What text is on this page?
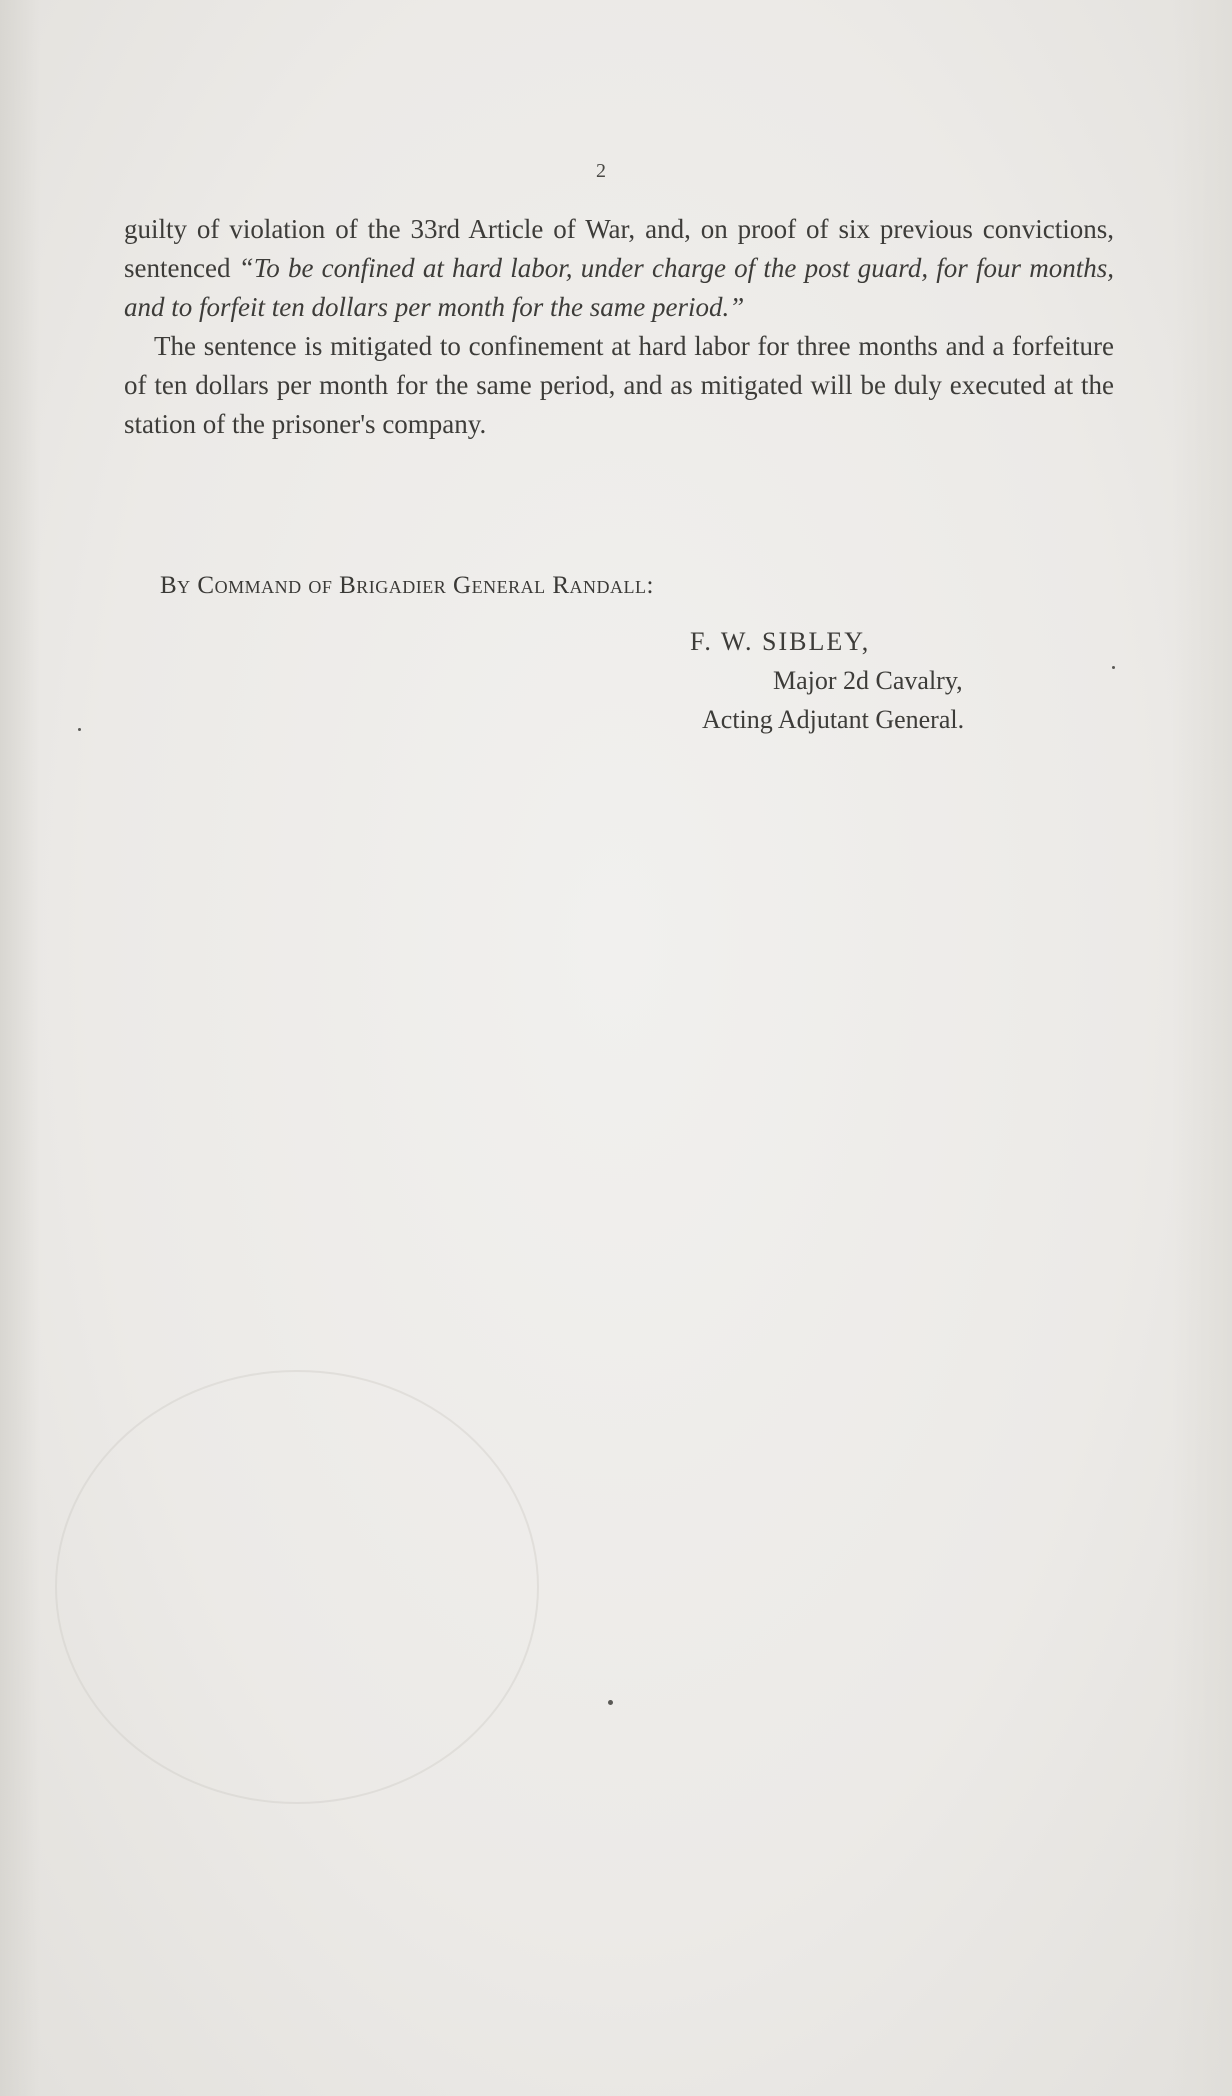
2

guilty of violation of the 33rd Article of War, and, on proof of six previous convictions, sentenced “To be confined at hard labor, under charge of the post guard, for four months, and to forfeit ten dollars per month for the same period.”

The sentence is mitigated to confinement at hard labor for three months and a forfeiture of ten dollars per month for the same period, and as mitigated will be duly executed at the station of the prisoner's company.

By Command of Brigadier General Randall:
F. W. SIBLEY,
Major 2d Cavalry,
Acting Adjutant General.
